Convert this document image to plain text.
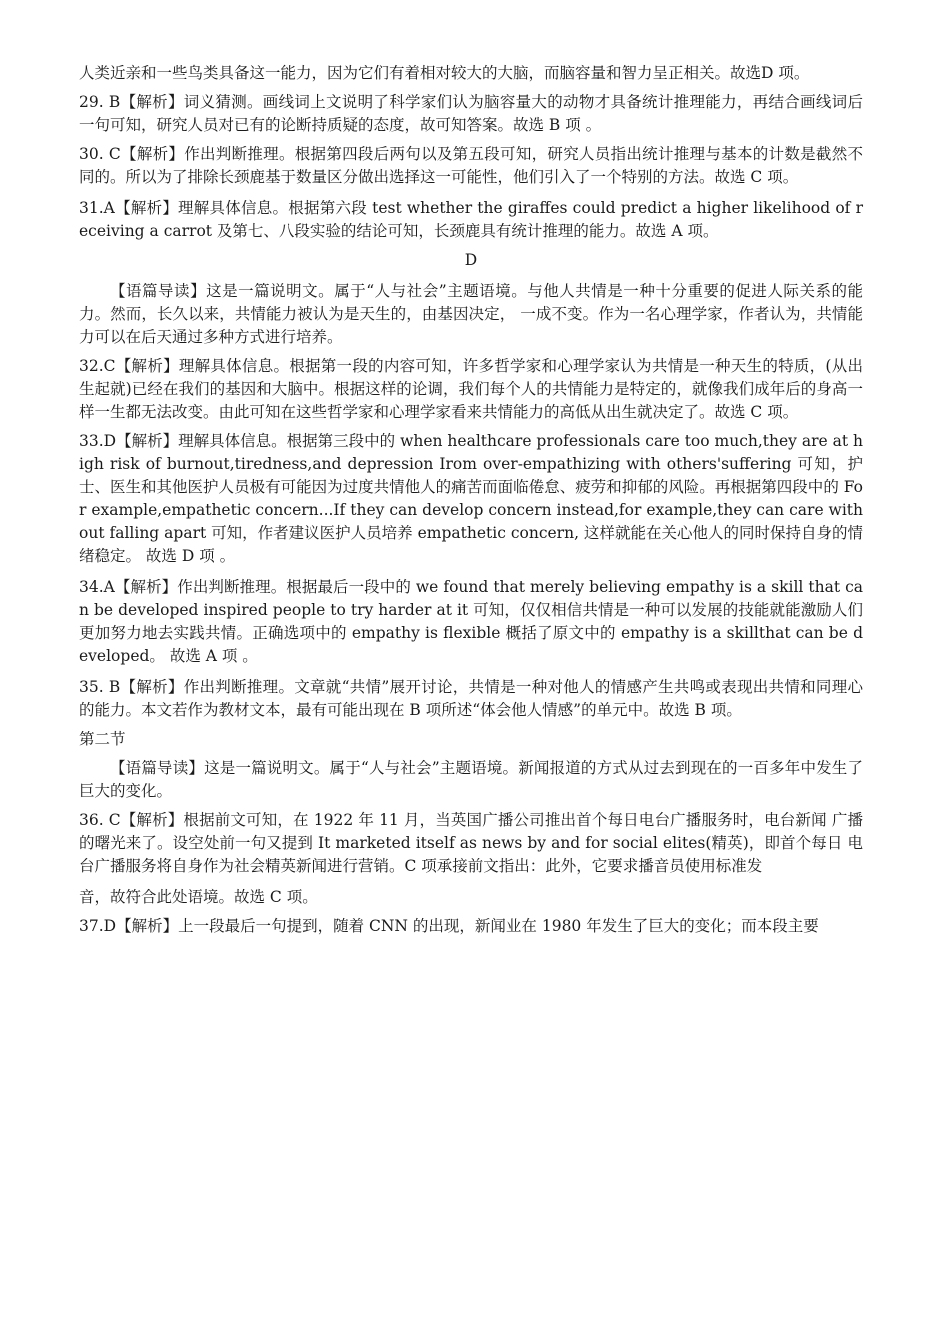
人类近亲和一些鸟类具备这一能力，因为它们有着相对较大的大脑，而脑容量和智力呈正相关。故选D 项。

29. B【解析】词义猜测。画线词上文说明了科学家们认为脑容量大的动物才具备统计推理能力，再结合画线词后一句可知，研究人员对已有的论断持质疑的态度，故可知答案。故选 B 项 。

30. C【解析】作出判断推理。根据第四段后两句以及第五段可知，研究人员指出统计推理与基本的计数是截然不同的。所以为了排除长颈鹿基于数量区分做出选择这一可能性，他们引入了一个特别的方法。故选 C 项。

31.A【解析】理解具体信息。根据第六段 test whether the giraffes could predict a higher likelihood of receiving a carrot 及第七、八段实验的结论可知，长颈鹿具有统计推理的能力。故选 A 项。

D

【语篇导读】这是一篇说明文。属于“人与社会”主题语境。与他人共情是一种十分重要的促进人际关系的能力。然而，长久以来，共情能力被认为是天生的，由基因决定， 一成不变。作为一名心理学家，作者认为，共情能力可以在后天通过多种方式进行培养。

32.C【解析】理解具体信息。根据第一段的内容可知，许多哲学家和心理学家认为共情是一种天生的特质，(从出生起就)已经在我们的基因和大脑中。根据这样的论调，我们每个人的共情能力是特定的，就像我们成年后的身高一样一生都无法改变。由此可知在这些哲学家和心理学家看来共情能力的高低从出生就决定了。故选 C 项。

33.D【解析】理解具体信息。根据第三段中的 when healthcare professionals care too much,they are at high risk of burnout,tiredness,and depression Irom over-empathizing with others'suffering 可知，护士、医生和其他医护人员极有可能因为过度共情他人的痛苦而面临倦怠、疲劳和抑郁的风险。再根据第四段中的 For example,empathetic concern...If they can develop concern instead,for example,they can care without falling apart 可知，作者建议医护人员培养 empathetic concern, 这样就能在关心他人的同时保持自身的情绪稳定。 故选 D 项 。

34.A【解析】作出判断推理。根据最后一段中的 we found that merely believing empathy is a skill that can be developed inspired people to try harder at it 可知，仅仅相信共情是一种可以发展的技能就能激励人们更加努力地去实践共情。正确选项中的 empathy is flexible 概括了原文中的 empathy is a skillthat can be developed。 故选 A 项 。

35. B【解析】作出判断推理。文章就“共情”展开讨论，共情是一种对他人的情感产生共鸣或表现出共情和同理心的能力。本文若作为教材文本，最有可能出现在 B 项所述“体会他人情感”的单元中。故选 B 项。

第二节

【语篇导读】这是一篇说明文。属于“人与社会”主题语境。新闻报道的方式从过去到现在的一百多年中发生了巨大的变化。

36. C【解析】根据前文可知，在 1922 年 11 月，当英国广播公司推出首个每日电台广播服务时，电台新闻 广播的曙光来了。设空处前一句又提到 It marketed itself as news by and for social elites(精英)，即首个每日 电台广播服务将自身作为社会精英新闻进行营销。C 项承接前文指出：此外，它要求播音员使用标准发

音，故符合此处语境。故选 C 项。

37.D【解析】上一段最后一句提到，随着 CNN 的出现，新闻业在 1980 年发生了巨大的变化；而本段主要
